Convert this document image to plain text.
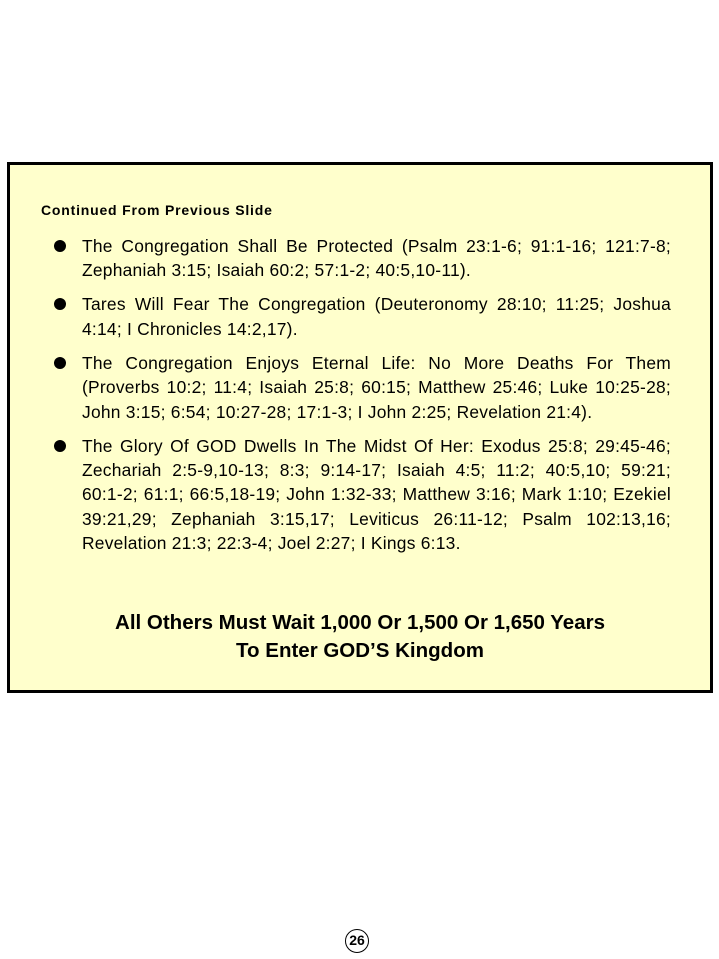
Continued From Previous Slide
The Congregation Shall Be Protected (Psalm 23:1-6; 91:1-16; 121:7-8; Zephaniah 3:15; Isaiah 60:2; 57:1-2; 40:5,10-11).
Tares Will Fear The Congregation (Deuteronomy 28:10; 11:25; Joshua 4:14; I Chronicles 14:2,17).
The Congregation Enjoys Eternal Life: No More Deaths For Them (Proverbs 10:2; 11:4; Isaiah 25:8; 60:15; Matthew 25:46; Luke 10:25-28; John 3:15; 6:54; 10:27-28; 17:1-3; I John 2:25; Revelation 21:4).
The Glory Of GOD Dwells In The Midst Of Her: Exodus 25:8; 29:45-46; Zechariah 2:5-9,10-13; 8:3; 9:14-17; Isaiah 4:5; 11:2; 40:5,10; 59:21; 60:1-2; 61:1; 66:5,18-19; John 1:32-33; Matthew 3:16; Mark 1:10; Ezekiel 39:21,29; Zephaniah 3:15,17; Leviticus 26:11-12; Psalm 102:13,16; Revelation 21:3; 22:3-4; Joel 2:27; I Kings 6:13.
All Others Must Wait 1,000 Or 1,500 Or 1,650 Years
To Enter GOD’S Kingdom
26
